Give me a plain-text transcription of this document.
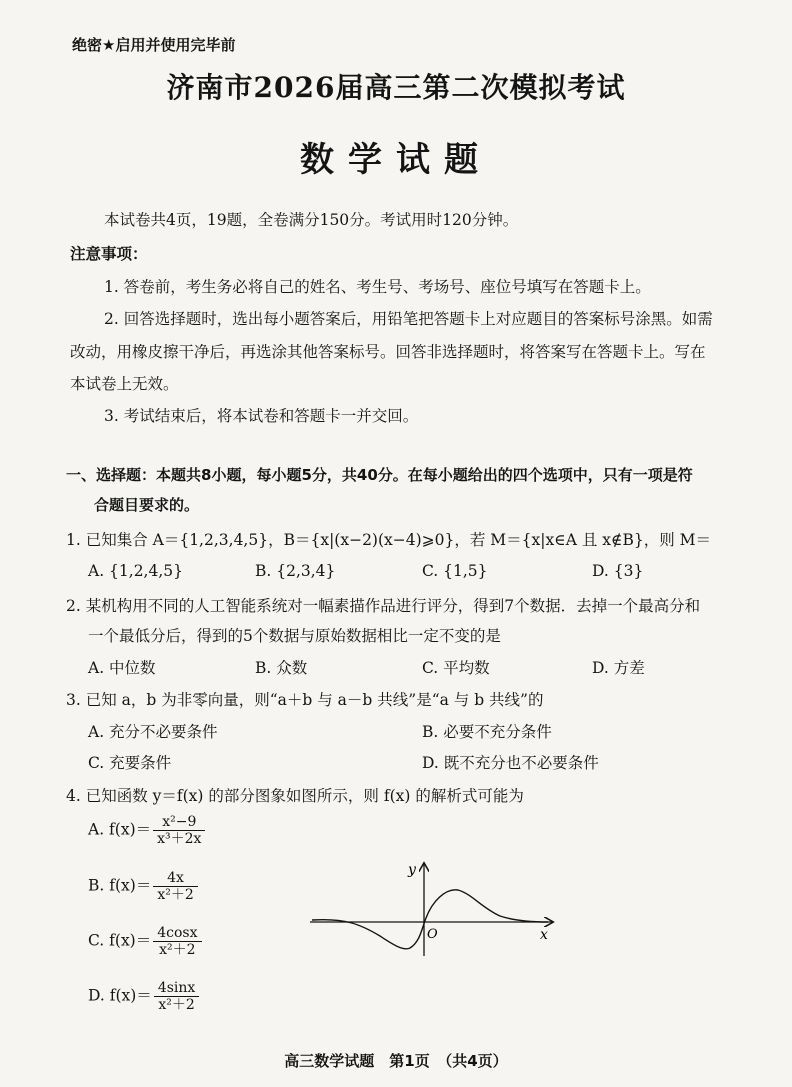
绝密★启用并使用完毕前
济南市2026届高三第二次模拟考试
数学试题
本试卷共4页，19题，全卷满分150分。考试用时120分钟。
注意事项：
1. 答卷前，考生务必将自己的姓名、考生号、考场号、座位号填写在答题卡上。
2. 回答选择题时，选出每小题答案后，用铅笔把答题卡上对应题目的答案标号涂黑。如需
改动，用橡皮擦干净后，再选涂其他答案标号。回答非选择题时，将答案写在答题卡上。写在
本试卷上无效。
3. 考试结束后，将本试卷和答题卡一并交回。
一、选择题：本题共8小题，每小题5分，共40分。在每小题给出的四个选项中，只有一项是符
合题目要求的。
1. 已知集合 A＝{1,2,3,4,5}，B＝{x|(x−2)(x−4)⩾0}，若 M＝{x|x∈A 且 x∉B}，则 M＝
A. {1,2,4,5}	B. {2,3,4}	C. {1,5}	D. {3}
2. 某机构用不同的人工智能系统对一幅素描作品进行评分，得到7个数据．去掉一个最高分和
一个最低分后，得到的5个数据与原始数据相比一定不变的是
A. 中位数	B. 众数	C. 平均数	D. 方差
3. 已知 a，b 为非零向量，则“a＋b 与 a－b 共线”是“a 与 b 共线”的
A. 充分不必要条件	B. 必要不充分条件
C. 充要条件	D. 既不充分也不必要条件
4. 已知函数 y＝f(x) 的部分图象如图所示，则 f(x) 的解析式可能为
A. $f(x)= \frac{\text{x²−9}}{\text{x³＋2x}}$
B. $f(x)= \frac{4x}{\text{x²＋2}}$
C. $f(x)= \frac{4\cos x}{\text{x²＋2}}$
D. $f(x)= \frac{4\sin x}{\text{x²＋2}}$
x
y
O
高三数学试题　第1页　（共4页）
